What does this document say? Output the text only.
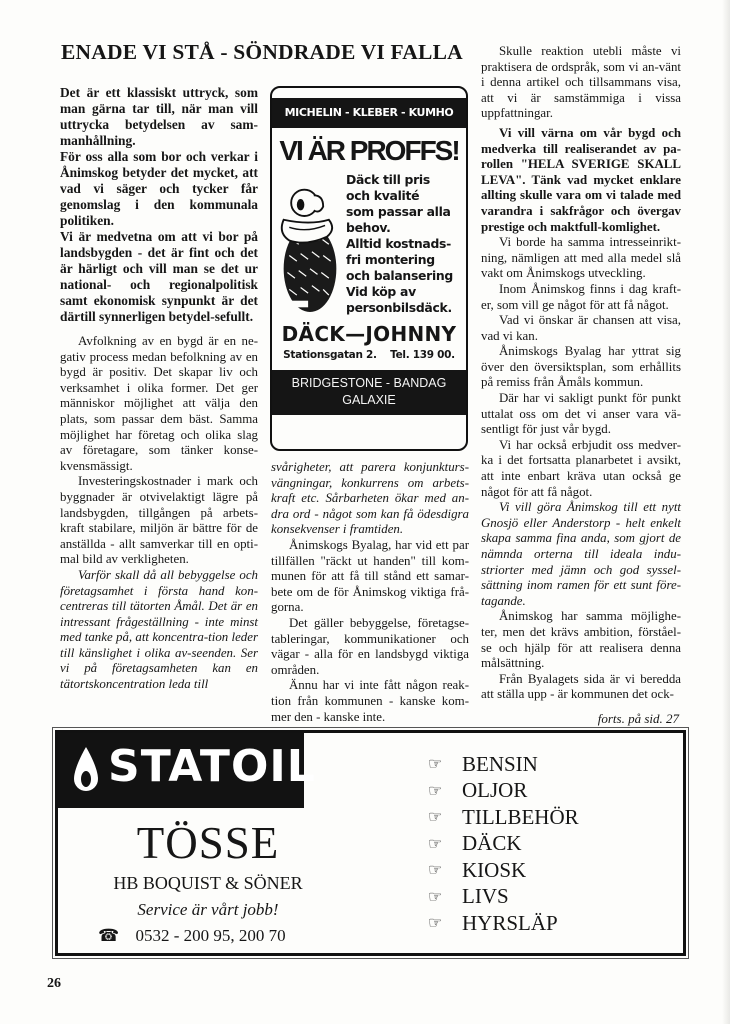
ENADE VI STÅ - SÖNDRADE VI FALLA

Det är ett klassiskt uttryck, som man gärna tar till, när man vill uttrycka betydelsen av sam-manhållning.

För oss alla som bor och verkar i Ånimskog betyder det mycket, att vad vi säger och tycker får genomslag i den kommunala politiken.

Vi är medvetna om att vi bor på landsbygden - det är fint och det är härligt och vill man se det ur national- och regionalpolitisk samt ekonomisk synpunkt är det därtill synnerligen betydel-sefullt.

Avfolkning av en bygd är en ne-gativ process medan befolkning av en bygd är positiv. Det skapar liv och verksamhet i olika former. Det ger människor möjlighet att välja den plats, som passar dem bäst. Samma möjlighet har företag och olika slag av företagare, som tänker konse-kvensmässigt.

Investeringskostnader i mark och byggnader är otvivelaktigt lägre på landsbygden, tillgången på arbets-kraft stabilare, miljön är bättre för de anställda - allt samverkar till en opti-mal bild av verkligheten.

Varför skall då all bebyggelse och företagsamhet i första hand kon-centreras till tätorten Åmål. Det är en intressant frågeställning - inte minst med tanke på, att koncentra-tion leder till känslighet i olika av-seenden. Ser vi på företagsamheten kan en tätortskoncentration leda till

MICHELIN - KLEBER - KUMHO
VI ÄR PROFFS!
Däck till pris
och kvalité
som passar alla
behov.
Alltid kostnads-
fri montering
och balansering
Vid köp av
personbilsdäck.
DÄCK—JOHNNY
Stationsgatan 2. Tel. 139 00.
BRIDGESTONE - BANDAG
GALAXIE

svårigheter, att parera konjunkturs-vängningar, konkurrens om arbets-kraft etc. Sårbarheten ökar med an-dra ord - något som kan få ödesdigra konsekvenser i framtiden.

Ånimskogs Byalag, har vid ett par tillfällen "räckt ut handen" till kom-munen för att få till stånd ett samar-bete om de för Ånimskog viktiga frå-gorna.

Det gäller bebyggelse, företagse-tableringar, kommunikationer och vägar - alla för en landsbygd viktiga områden.

Ännu har vi inte fått någon reak-tion från kommunen - kanske kom-mer den - kanske inte.

Skulle reaktion utebli måste vi praktisera de ordspråk, som vi an-vänt i denna artikel och tillsammans visa, att vi är samstämmiga i vissa uppfattningar.

Vi vill värna om vår bygd och medverka till realiserandet av pa-rollen "HELA SVERIGE SKALL LEVA". Tänk vad mycket enklare allting skulle vara om vi talade med varandra i sakfrågor och övergav prestige och maktfull-komlighet.

Vi borde ha samma intresseinrikt-ning, nämligen att med alla medel slå vakt om Ånimskogs utveckling.

Inom Ånimskog finns i dag kraft-er, som vill ge något för att få något.

Vad vi önskar är chansen att visa, vad vi kan.

Ånimskogs Byalag har yttrat sig över den översiktsplan, som erhållits på remiss från Åmåls kommun.

Där har vi sakligt punkt för punkt uttalat oss om det vi anser vara vä-sentligt för just vår bygd.

Vi har också erbjudit oss medver-ka i det fortsatta planarbetet i avsikt, att inte enbart kräva utan också ge något för att få något.

Vi vill göra Ånimskog till ett nytt Gnosjö eller Anderstorp - helt enkelt skapa samma fina anda, som gjort de nämnda orterna till ideala indu-striorter med jämn och god syssel-sättning inom ramen för ett sunt före-tagande.

Ånimskog har samma möjlighe-ter, men det krävs ambition, förståel-se och hjälp för att realisera denna målsättning.

Från Byalagets sida är vi beredda att ställa upp - är kommunen det ock-

forts. på sid. 27
STATOIL
TÖSSE
HB BOQUIST & SÖNER
Service är vårt jobb!
☎ 0532 - 200 95, 200 70
☞ BENSIN
☞ OLJOR
☞ TILLBEHÖR
☞ DÄCK
☞ KIOSK
☞ LIVS
☞ HYRSLÄP
26
